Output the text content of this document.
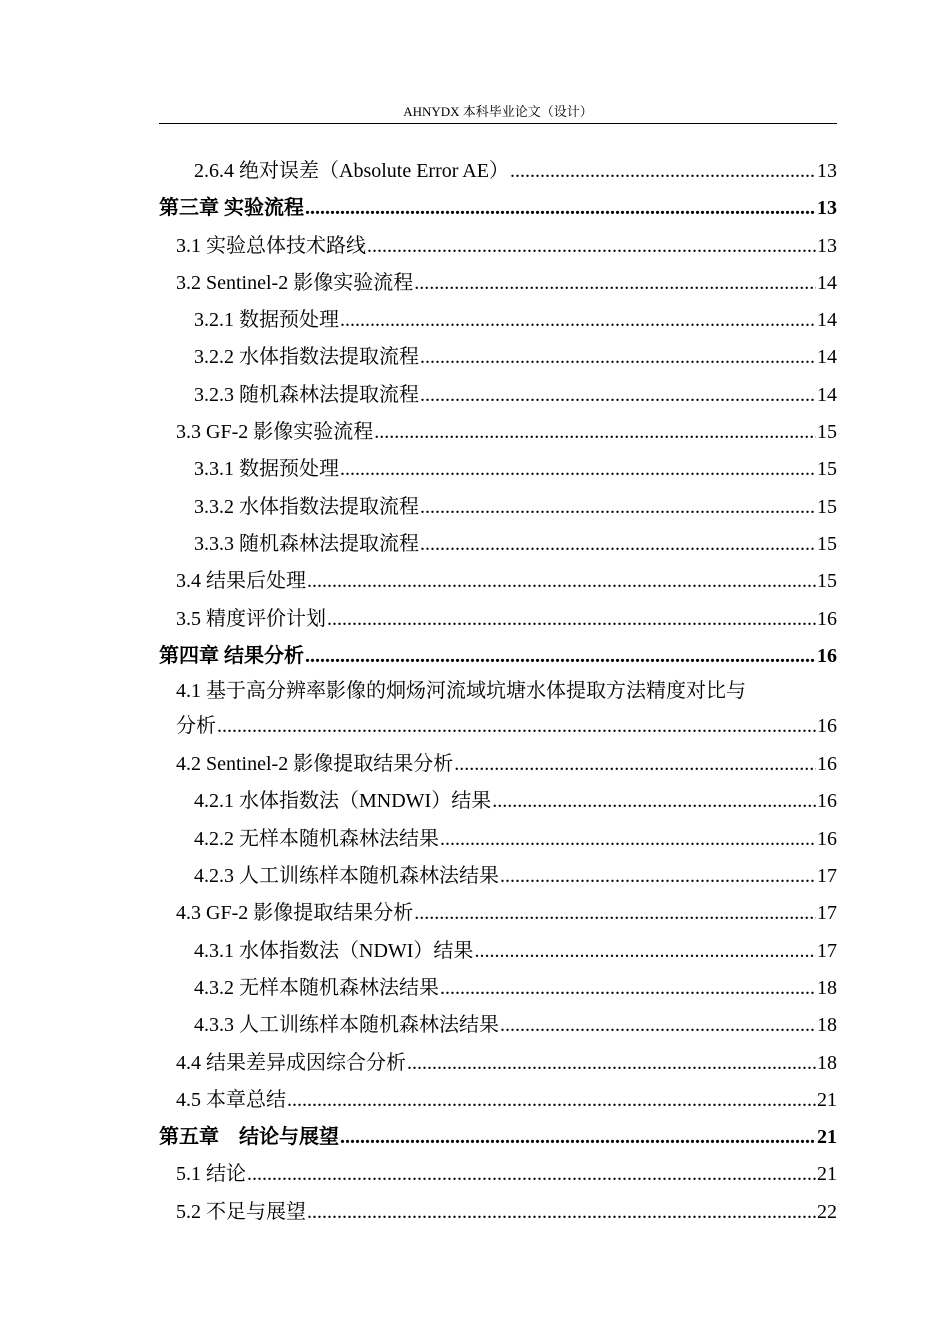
AHNYDX 本科毕业论文（设计）
2.6.4 绝对误差（Absolute Error AE） .....	13
第三章 实验流程 .....	13
3.1 实验总体技术路线 .....	13
3.2 Sentinel-2 影像实验流程 .....	14
3.2.1 数据预处理 .....	14
3.2.2 水体指数法提取流程 .....	14
3.2.3 随机森林法提取流程 .....	14
3.3 GF-2 影像实验流程 .....	15
3.3.1 数据预处理 .....	15
3.3.2 水体指数法提取流程 .....	15
3.3.3 随机森林法提取流程 .....	15
3.4 结果后处理 .....	15
3.5 精度评价计划 .....	16
第四章 结果分析 .....	16
4.1 基于高分辨率影像的炯炀河流域坑塘水体提取方法精度对比与
分析 .....	16
4.2 Sentinel-2 影像提取结果分析 .....	16
4.2.1 水体指数法（MNDWI）结果 .....	16
4.2.2 无样本随机森林法结果 .....	16
4.2.3 人工训练样本随机森林法结果 .....	17
4.3 GF-2 影像提取结果分析 .....	17
4.3.1 水体指数法（NDWI）结果 .....	17
4.3.2 无样本随机森林法结果 .....	18
4.3.3 人工训练样本随机森林法结果 .....	18
4.4 结果差异成因综合分析 .....	18
4.5 本章总结 .....	21
第五章    结论与展望 .....	21
5.1 结论 .....	21
5.2 不足与展望 .....	22
